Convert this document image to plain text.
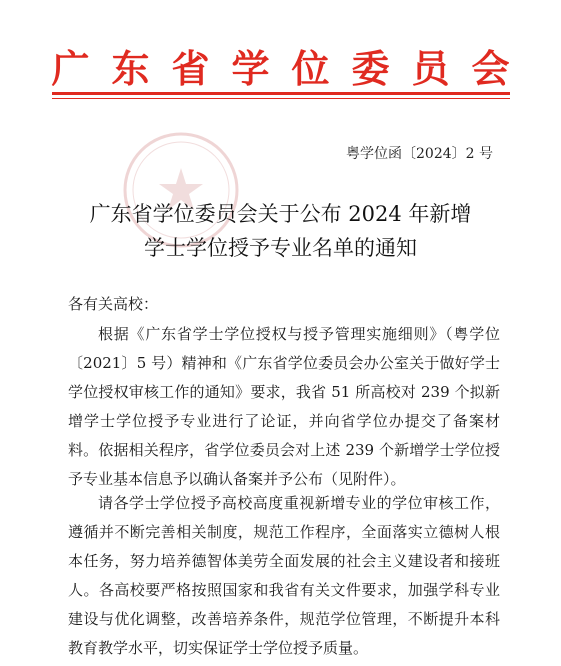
广东省学位委员会
粤学位函〔2024〕2 号
广东省学位委员会关于公布 2024 年新增
学士学位授予专业名单的通知
各有关高校：

根据《广东省学士学位授权与授予管理实施细则》（粤学位〔2021〕5 号）精神和《广东省学位委员会办公室关于做好学士学位授权审核工作的通知》要求，我省 51 所高校对 239 个拟新增学士学位授予专业进行了论证，并向省学位办提交了备案材料。依据相关程序，省学位委员会对上述 239 个新增学士学位授予专业基本信息予以确认备案并予公布（见附件）。

请各学士学位授予高校高度重视新增专业的学位审核工作，遵循并不断完善相关制度，规范工作程序，全面落实立德树人根本任务，努力培养德智体美劳全面发展的社会主义建设者和接班人。各高校要严格按照国家和我省有关文件要求，加强学科专业建设与优化调整，改善培养条件，规范学位管理，不断提升本科教育教学水平，切实保证学士学位授予质量。
